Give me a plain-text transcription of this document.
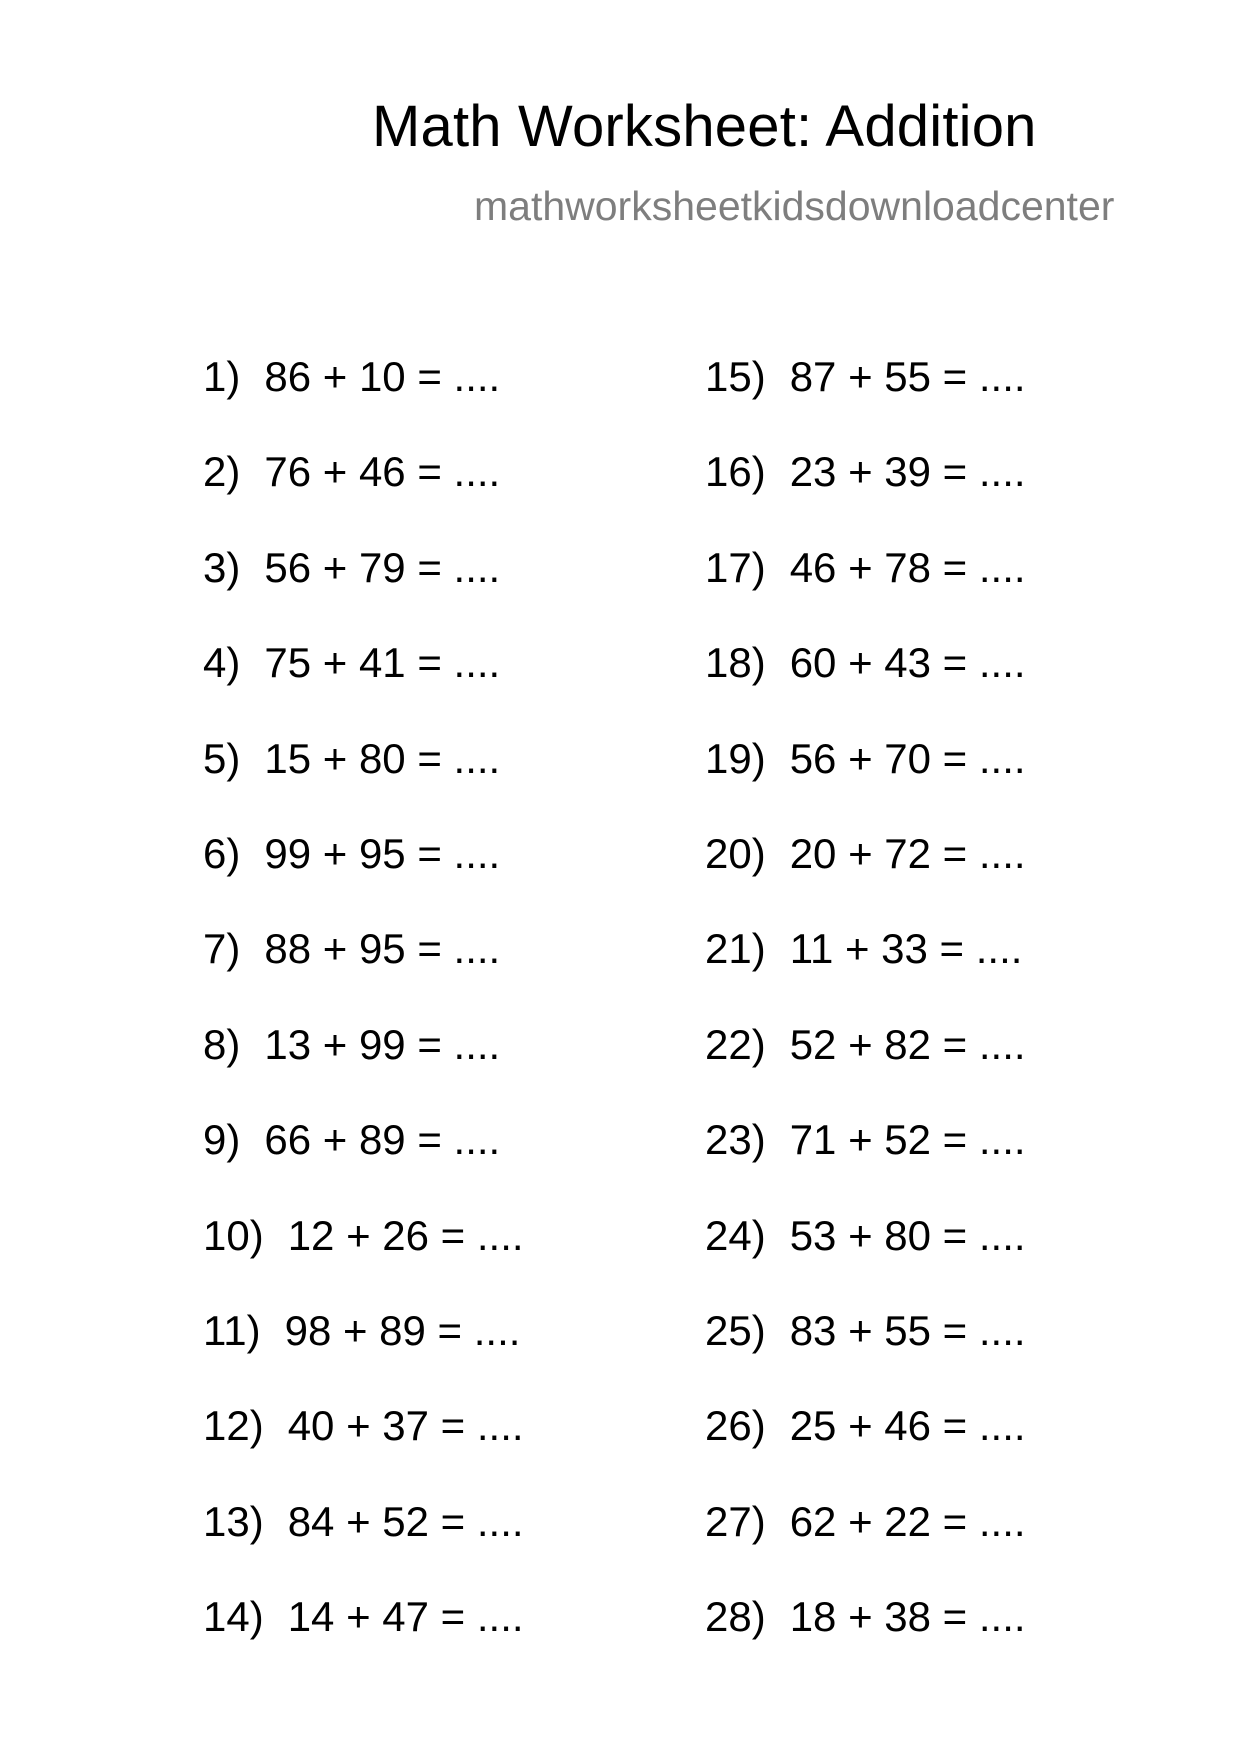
Math Worksheet: Addition
mathworksheetkidsdownloadcenter
1) 86 + 10 = ....
2) 76 + 46 = ....
3) 56 + 79 = ....
4) 75 + 41 = ....
5) 15 + 80 = ....
6) 99 + 95 = ....
7) 88 + 95 = ....
8) 13 + 99 = ....
9) 66 + 89 = ....
10) 12 + 26 = ....
11) 98 + 89 = ....
12) 40 + 37 = ....
13) 84 + 52 = ....
14) 14 + 47 = ....
15) 87 + 55 = ....
16) 23 + 39 = ....
17) 46 + 78 = ....
18) 60 + 43 = ....
19) 56 + 70 = ....
20) 20 + 72 = ....
21) 11 + 33 = ....
22) 52 + 82 = ....
23) 71 + 52 = ....
24) 53 + 80 = ....
25) 83 + 55 = ....
26) 25 + 46 = ....
27) 62 + 22 = ....
28) 18 + 38 = ....
